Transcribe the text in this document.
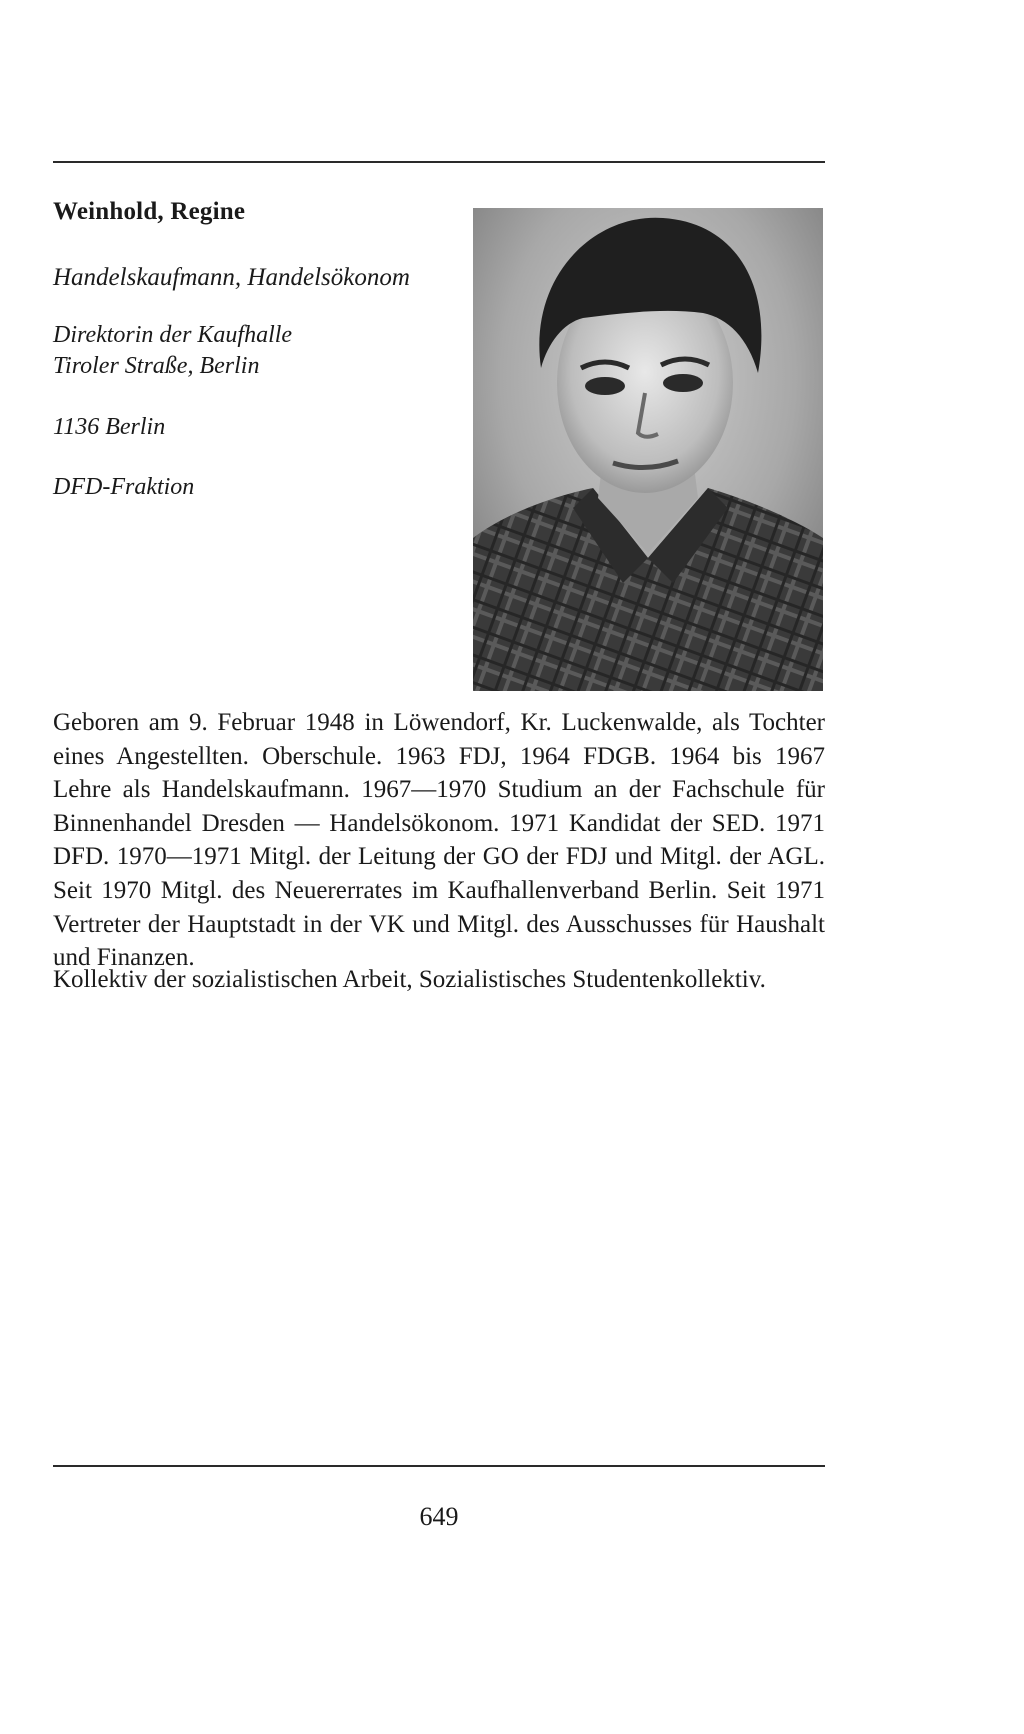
Weinhold, Regine
Handelskaufmann, Handelsökonom
Direktorin der Kaufhalle
Tiroler Straße, Berlin
1136 Berlin
DFD-Fraktion
Geboren am 9. Februar 1948 in Löwendorf, Kr. Luckenwalde, als Tochter eines Angestellten. Oberschule. 1963 FDJ, 1964 FDGB. 1964 bis 1967 Lehre als Handelskaufmann. 1967—1970 Studium an der Fachschule für Binnenhandel Dresden — Handelsökonom. 1971 Kandidat der SED. 1971 DFD. 1970—1971 Mitgl. der Leitung der GO der FDJ und Mitgl. der AGL. Seit 1970 Mitgl. des Neuererrates im Kaufhallenverband Berlin. Seit 1971 Vertreter der Hauptstadt in der VK und Mitgl. des Ausschusses für Haushalt und Finanzen.
Kollektiv der sozialistischen Arbeit, Sozialistisches Studentenkollektiv.
649
